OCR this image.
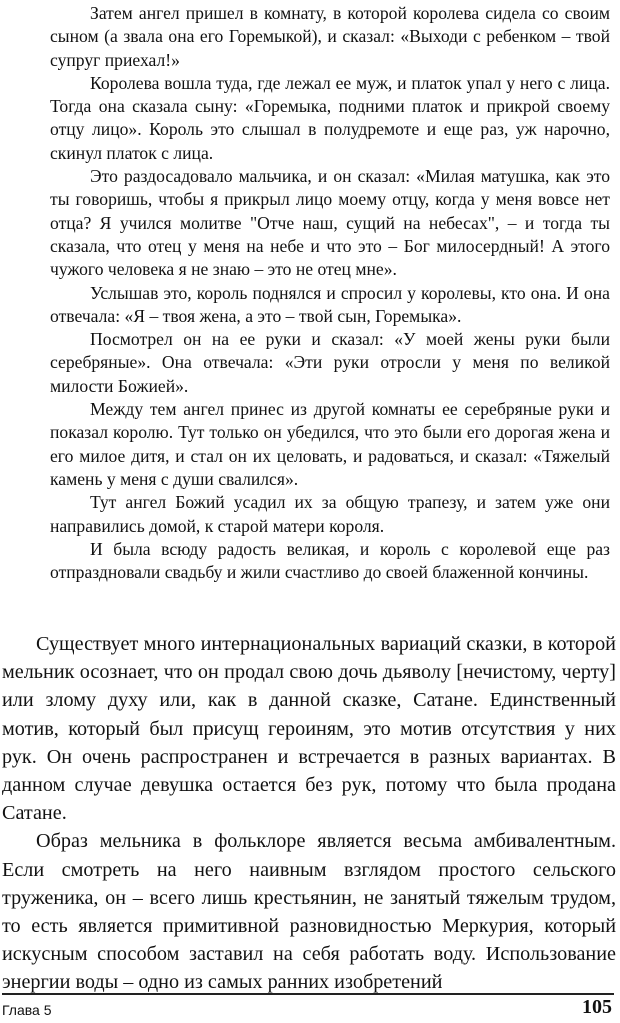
Затем ангел пришел в комнату, в которой королева сидела со своим сыном (а звала она его Горемыкой), и сказал: «Выходи с ребенком – твой супруг приехал!»

Королева вошла туда, где лежал ее муж, и платок упал у него с лица. Тогда она сказала сыну: «Горемыка, подними платок и прикрой своему отцу лицо». Король это слышал в полудремоте и еще раз, уж нарочно, скинул платок с лица.

Это раздосадовало мальчика, и он сказал: «Милая матушка, как это ты говоришь, чтобы я прикрыл лицо моему отцу, когда у меня вовсе нет отца? Я учился молитве "Отче наш, сущий на небесах", – и тогда ты сказала, что отец у меня на небе и что это – Бог милосердный! А этого чужого человека я не знаю – это не отец мне».

Услышав это, король поднялся и спросил у королевы, кто она. И она отвечала: «Я – твоя жена, а это – твой сын, Горемыка».

Посмотрел он на ее руки и сказал: «У моей жены руки были серебряные». Она отвечала: «Эти руки отросли у меня по великой милости Божией».

Между тем ангел принес из другой комнаты ее серебряные руки и показал королю. Тут только он убедился, что это были его дорогая жена и его милое дитя, и стал он их целовать, и радоваться, и сказал: «Тяжелый камень у меня с души свалился».

Тут ангел Божий усадил их за общую трапезу, и затем уже они направились домой, к старой матери короля.

И была всюду радость великая, и король с королевой еще раз отпраздновали свадьбу и жили счастливо до своей блаженной кончины.

Существует много интернациональных вариаций сказки, в которой мельник осознает, что он продал свою дочь дьяволу [нечистому, черту] или злому духу или, как в данной сказке, Сатане. Единственный мотив, который был присущ героиням, это мотив отсутствия у них рук. Он очень распространен и встречается в разных вариантах. В данном случае девушка остается без рук, потому что была продана Сатане.

Образ мельника в фольклоре является весьма амбивалентным. Если смотреть на него наивным взглядом простого сельского труженика, он – всего лишь крестьянин, не занятый тяжелым трудом, то есть является примитивной разновидностью Меркурия, который искусным способом заставил на себя работать воду. Использование энергии воды – одно из самых ранних изобретений

Глава 5	105
